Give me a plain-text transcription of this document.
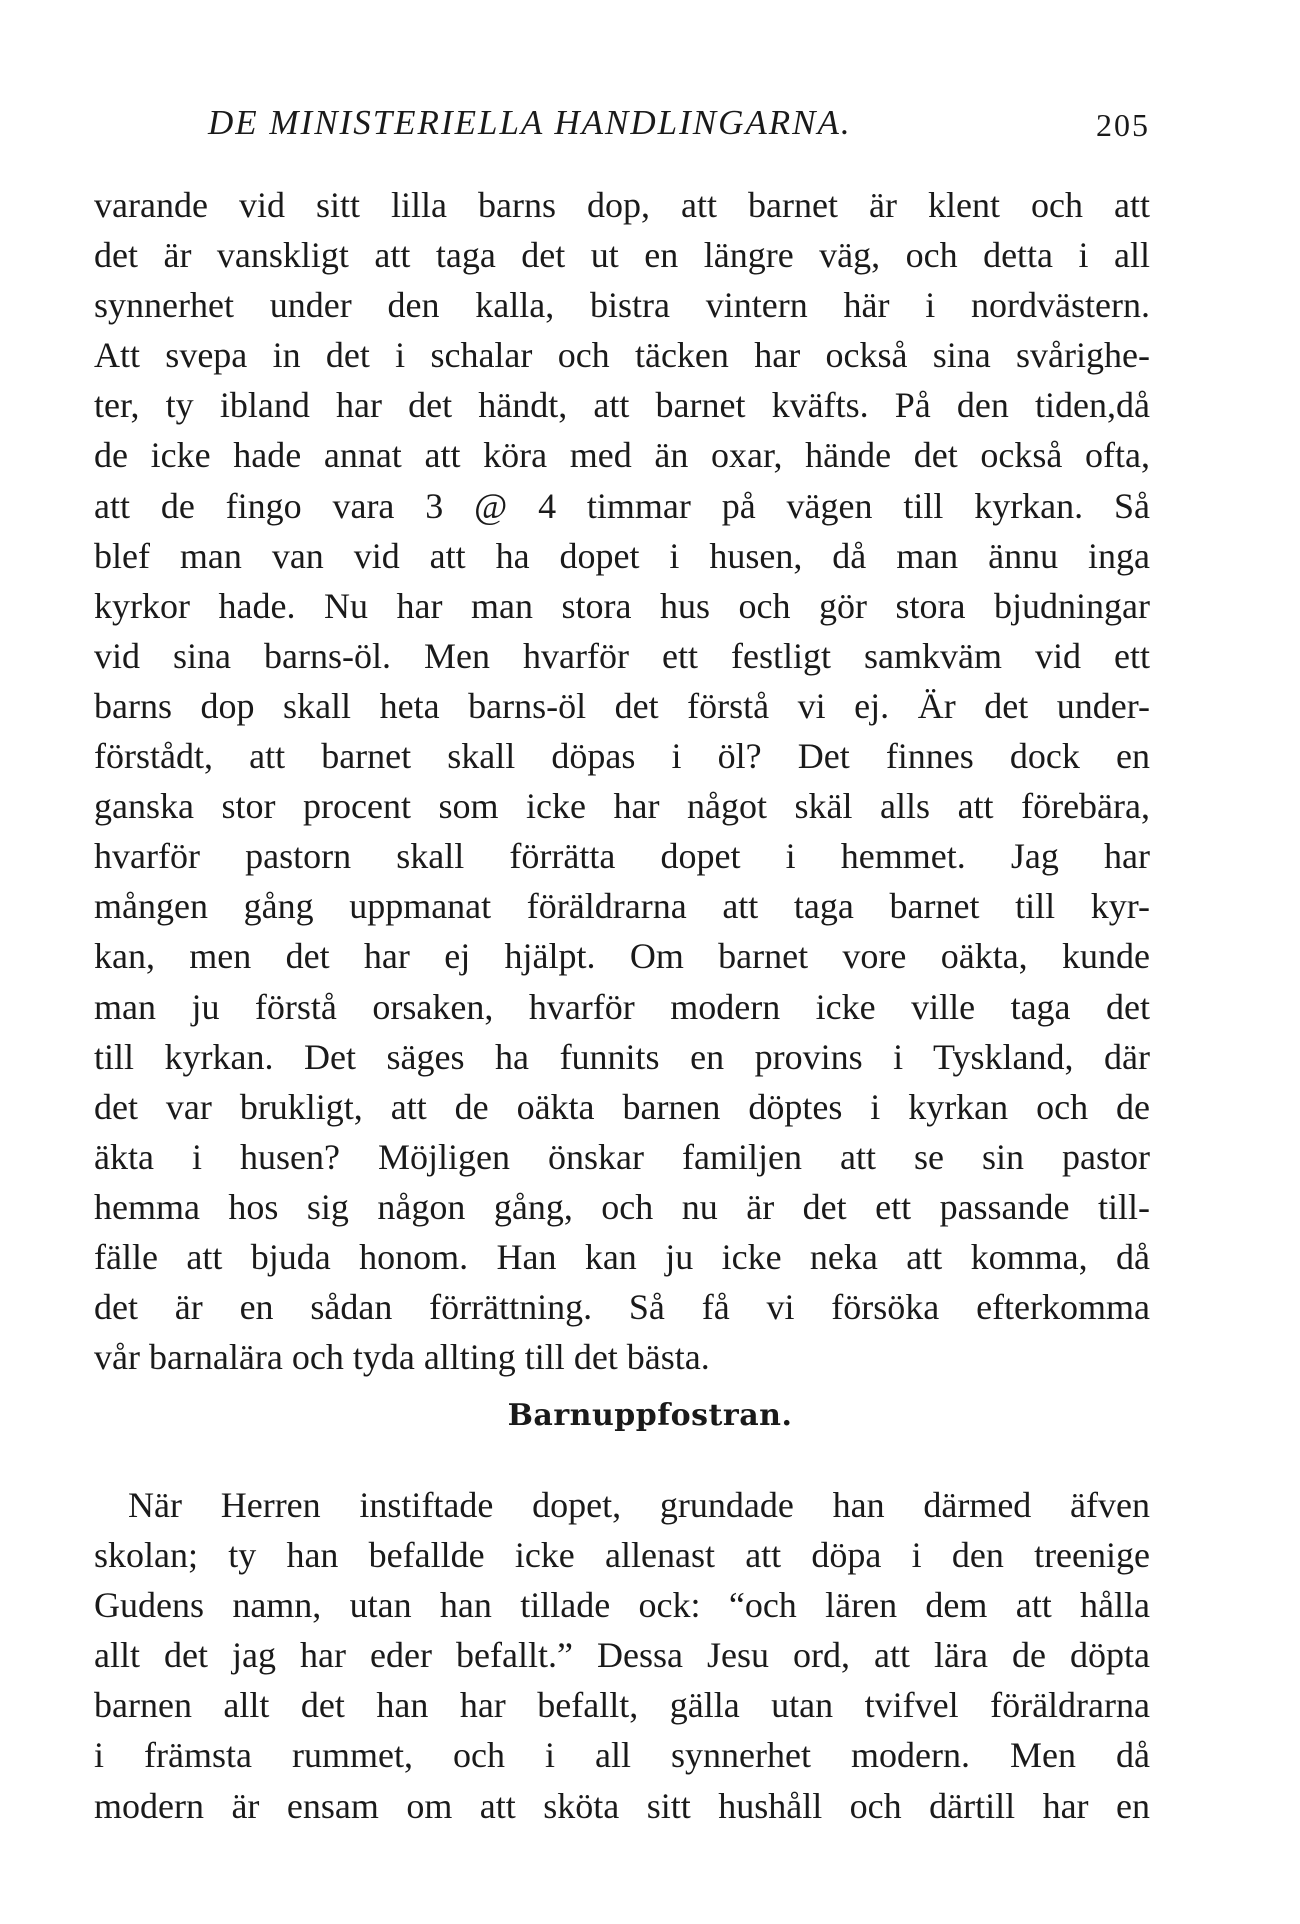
DE MINISTERIELLA HANDLINGARNA.	205
varande vid sitt lilla barns dop, att barnet är klent och att
det är vanskligt att taga det ut en längre väg, och detta i all
synnerhet under den kalla, bistra vintern här i nordvästern.
Att svepa in det i schalar och täcken har också sina svårighe-
ter, ty ibland har det händt, att barnet kväfts. På den tiden,då
de icke hade annat att köra med än oxar, hände det också ofta,
att de fingo vara 3 @ 4 timmar på vägen till kyrkan. Så
blef man van vid att ha dopet i husen, då man ännu inga
kyrkor hade. Nu har man stora hus och gör stora bjudningar
vid sina barns-öl. Men hvarför ett festligt samkväm vid ett
barns dop skall heta barns-öl det förstå vi ej. Är det under-
förstådt, att barnet skall döpas i öl? Det finnes dock en
ganska stor procent som icke har något skäl alls att förebära,
hvarför pastorn skall förrätta dopet i hemmet. Jag har
mången gång uppmanat föräldrarna att taga barnet till kyr-
kan, men det har ej hjälpt. Om barnet vore oäkta, kunde
man ju förstå orsaken, hvarför modern icke ville taga det
till kyrkan. Det säges ha funnits en provins i Tyskland, där
det var brukligt, att de oäkta barnen döptes i kyrkan och de
äkta i husen? Möjligen önskar familjen att se sin pastor
hemma hos sig någon gång, och nu är det ett passande till-
fälle att bjuda honom. Han kan ju icke neka att komma, då
det är en sådan förrättning. Så få vi försöka efterkomma
vår barnalära och tyda allting till det bästa.
Barnuppfostran.
När Herren instiftade dopet, grundade han därmed äfven
skolan; ty han befallde icke allenast att döpa i den treenige
Gudens namn, utan han tillade ock: “och lären dem att hålla
allt det jag har eder befallt.” Dessa Jesu ord, att lära de döpta
barnen allt det han har befallt, gälla utan tvifvel föräldrarna
i främsta rummet, och i all synnerhet modern. Men då
modern är ensam om att sköta sitt hushåll och därtill har en
